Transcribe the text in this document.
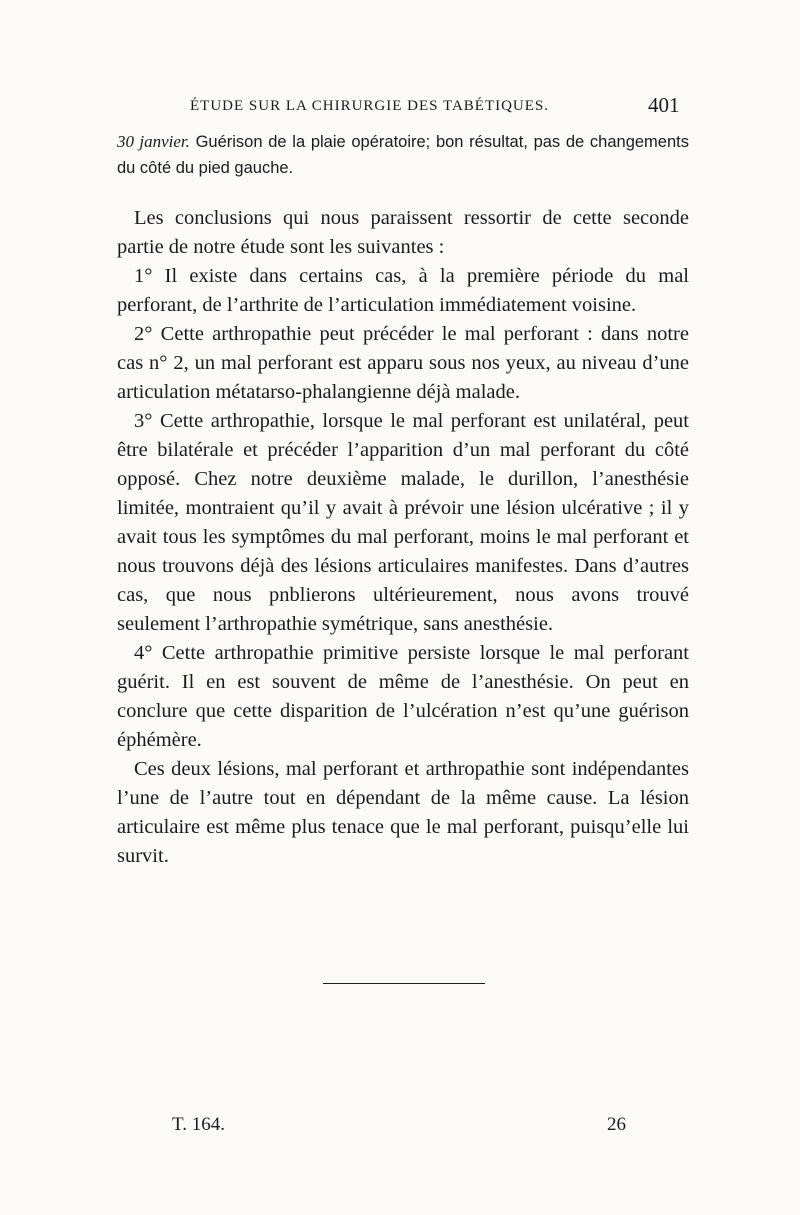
ÉTUDE SUR LA CHIRURGIE DES TABÉTIQUES.	401
30 janvier. Guérison de la plaie opératoire; bon résultat, pas de changements du côté du pied gauche.

Les conclusions qui nous paraissent ressortir de cette seconde partie de notre étude sont les suivantes :

1° Il existe dans certains cas, à la première période du mal perforant, de l’arthrite de l’articulation immédiatement voisine.

2° Cette arthropathie peut précéder le mal perforant : dans notre cas n° 2, un mal perforant est apparu sous nos yeux, au niveau d’une articulation métatarso-phalangienne déjà malade.

3° Cette arthropathie, lorsque le mal perforant est unilatéral, peut être bilatérale et précéder l’apparition d’un mal perforant du côté opposé. Chez notre deuxième malade, le durillon, l’anesthésie limitée, montraient qu’il y avait à prévoir une lésion ulcérative ; il y avait tous les symptômes du mal perforant, moins le mal perforant et nous trouvons déjà des lésions articulaires manifestes. Dans d’autres cas, que nous pnblierons ultérieurement, nous avons trouvé seulement l’arthropathie symétrique, sans anesthésie.

4° Cette arthropathie primitive persiste lorsque le mal perforant guérit. Il en est souvent de même de l’anesthésie. On peut en conclure que cette disparition de l’ulcération n’est qu’une guérison éphémère.

Ces deux lésions, mal perforant et arthropathie sont indépendantes l’une de l’autre tout en dépendant de la même cause. La lésion articulaire est même plus tenace que le mal perforant, puisqu’elle lui survit.

T. 164.	26
